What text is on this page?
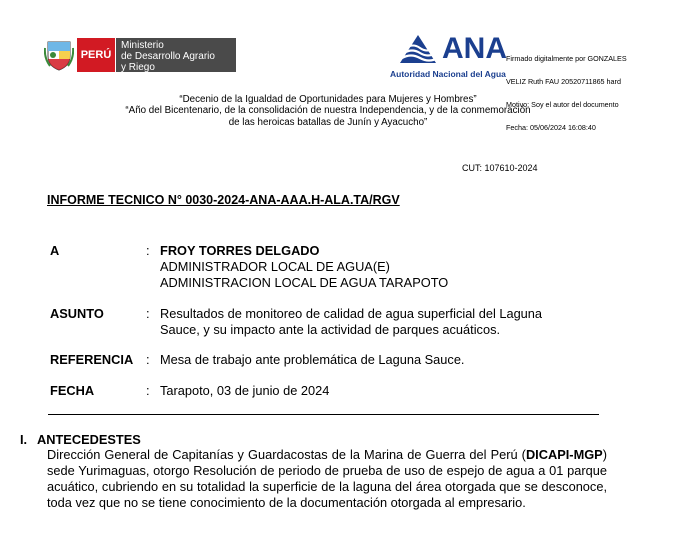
PERÚ
Ministerio
de Desarrollo Agrario
y Riego
ANA
Autoridad Nacional del Agua

Firmado digitalmente por GONZALES

VELIZ Ruth FAU 20520711865 hard

Motivo: Soy el autor del documento

Fecha: 05/06/2024 16:08:40

“Decenio de la Igualdad de Oportunidades para Mujeres y Hombres”
“Año del Bicentenario, de la consolidación de nuestra Independencia, y de la conmemoración
de las heroicas batallas de Junín y Ayacucho”
CUT: 107610-2024
INFORME TECNICO N° 0030-2024-ANA-AAA.H-ALA.TA/RGV
A	: FROY TORRES DELGADO
ADMINISTRADOR LOCAL DE AGUA(E)
ADMINISTRACION LOCAL DE AGUA TARAPOTO
ASUNTO	: Resultados de monitoreo de calidad de agua superficial del Laguna
Sauce, y su impacto ante la actividad de parques acuáticos.
REFERENCIA : Mesa de trabajo ante problemática de Laguna Sauce.
FECHA	: Tarapoto, 03 de junio de 2024
I. ANTECEDESTES
Dirección General de Capitanías y Guardacostas de la Marina de Guerra del Perú (DICAPI-MGP) sede Yurimaguas, otorgo Resolución de periodo de prueba de uso de espejo de agua a 01 parque acuático, cubriendo en su totalidad la superficie de la laguna del área otorgada que se desconoce, toda vez que no se tiene conocimiento de la documentación otorgada al empresario.
